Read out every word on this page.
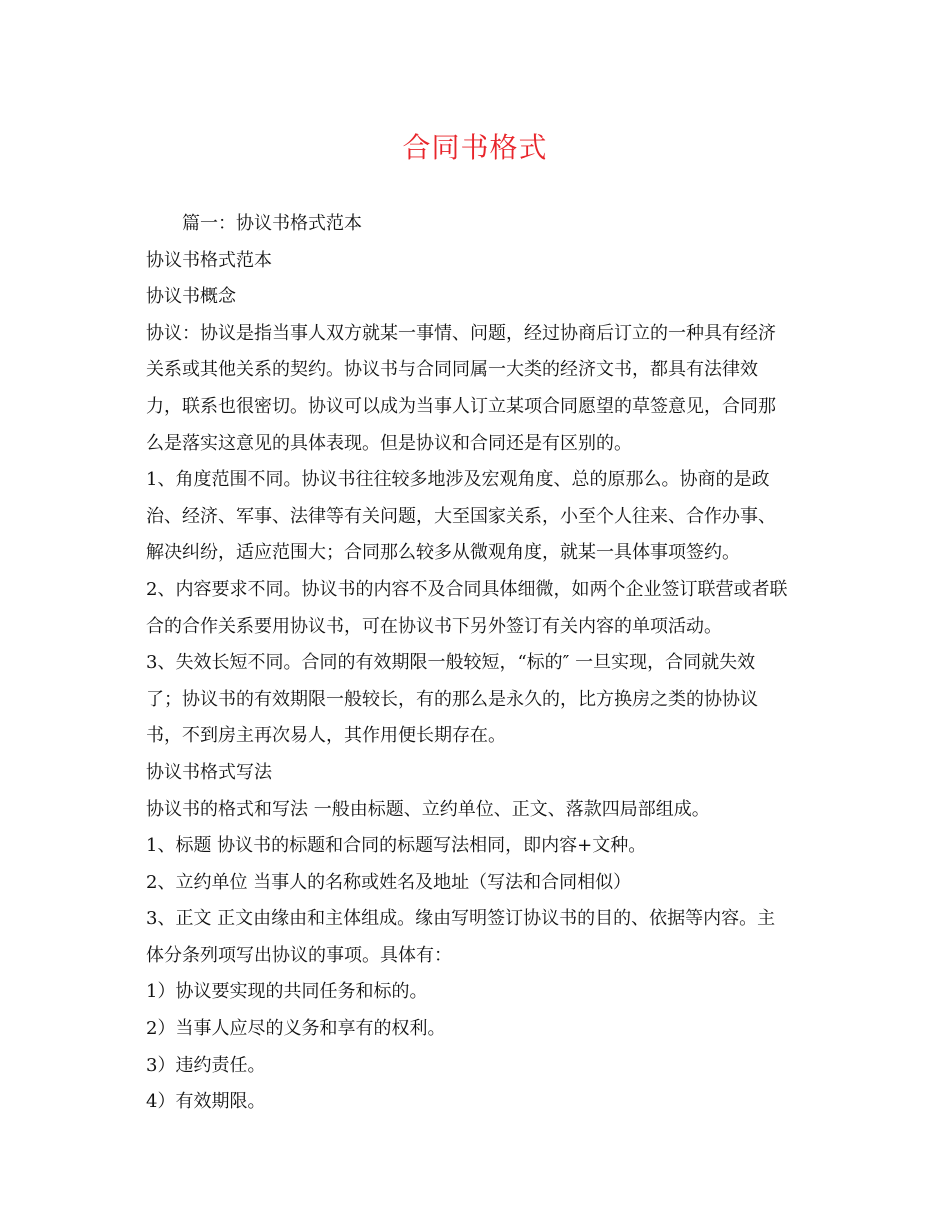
合同书格式
篇一：协议书格式范本
协议书格式范本
协议书概念
协议：协议是指当事人双方就某一事情、问题，经过协商后订立的一种具有经济
关系或其他关系的契约。协议书与合同同属一大类的经济文书，都具有法律效
力，联系也很密切。协议可以成为当事人订立某项合同愿望的草签意见，合同那
么是落实这意见的具体表现。但是协议和合同还是有区别的。
1、角度范围不同。协议书往往较多地涉及宏观角度、总的原那么。协商的是政
治、经济、军事、法律等有关问题，大至国家关系，小至个人往来、合作办事、
解决纠纷，适应范围大；合同那么较多从微观角度，就某一具体事项签约。
2、内容要求不同。协议书的内容不及合同具体细微，如两个企业签订联营或者联
合的合作关系要用协议书，可在协议书下另外签订有关内容的单项活动。
3、失效长短不同。合同的有效期限一般较短，“标的″ 一旦实现，合同就失效
了；协议书的有效期限一般较长，有的那么是永久的，比方换房之类的协协议
书，不到房主再次易人，其作用便长期存在。
协议书格式写法
协议书的格式和写法 一般由标题、立约单位、正文、落款四局部组成。
1、标题 协议书的标题和合同的标题写法相同，即内容+文种。
2、立约单位 当事人的名称或姓名及地址（写法和合同相似）
3、正文 正文由缘由和主体组成。缘由写明签订协议书的目的、依据等内容。主
体分条列项写出协议的事项。具体有：
1）协议要实现的共同任务和标的。
2）当事人应尽的义务和享有的权利。
3）违约责任。
4）有效期限。
